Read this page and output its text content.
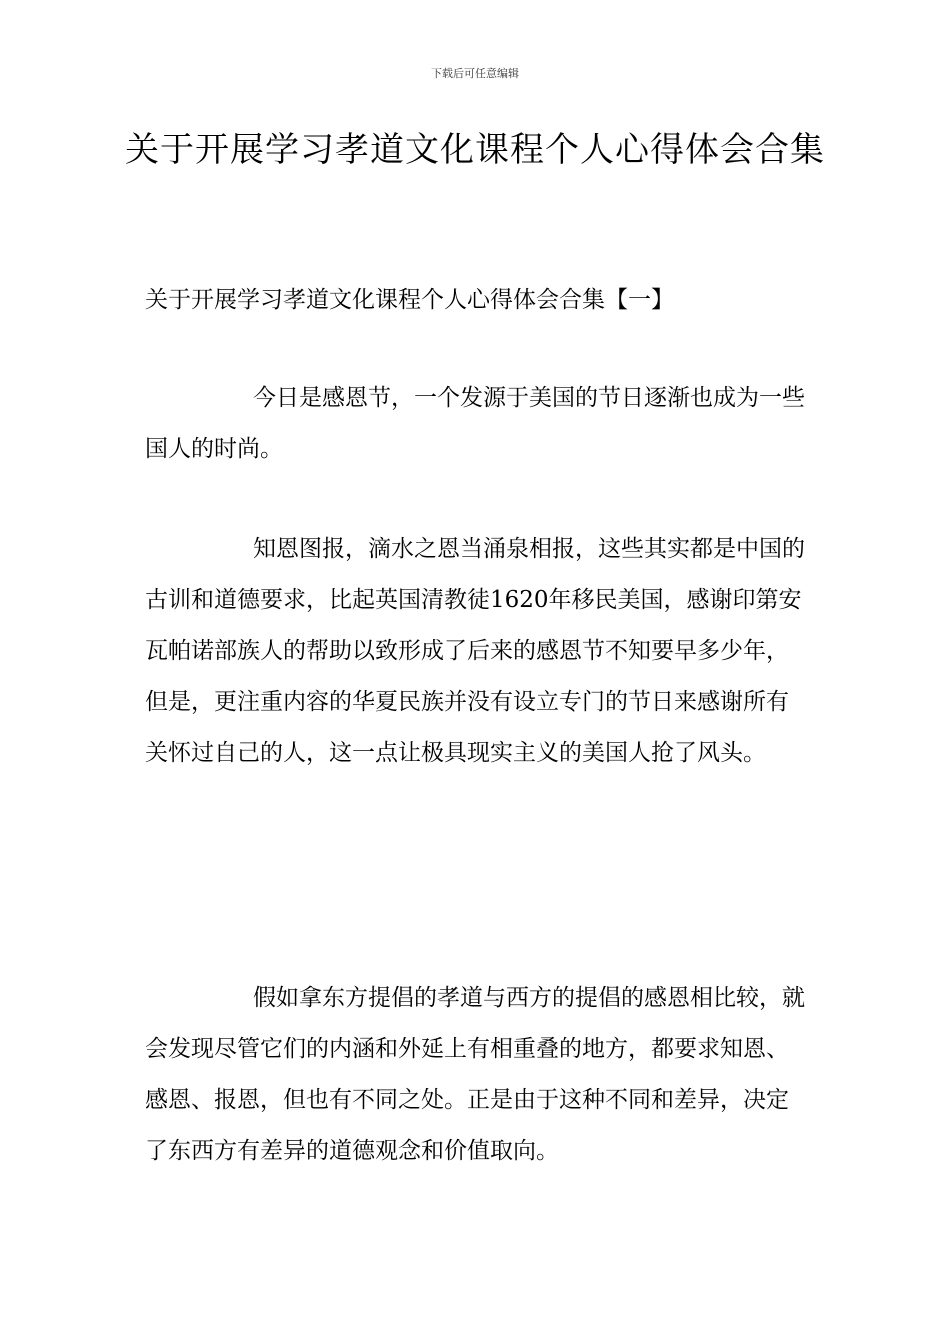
下载后可任意编辑
关于开展学习孝道文化课程个人心得体会合集
关于开展学习孝道文化课程个人心得体会合集【一】

今日是感恩节，一个发源于美国的节日逐渐也成为一些国人的时尚。

知恩图报，滴水之恩当涌泉相报，这些其实都是中国的古训和道德要求，比起英国清教徒1620年移民美国，感谢印第安瓦帕诺部族人的帮助以致形成了后来的感恩节不知要早多少年，但是，更注重内容的华夏民族并没有设立专门的节日来感谢所有关怀过自己的人，这一点让极具现实主义的美国人抢了风头。

假如拿东方提倡的孝道与西方的提倡的感恩相比较，就会发现尽管它们的内涵和外延上有相重叠的地方，都要求知恩、感恩、报恩，但也有不同之处。正是由于这种不同和差异，决定了东西方有差异的道德观念和价值取向。
